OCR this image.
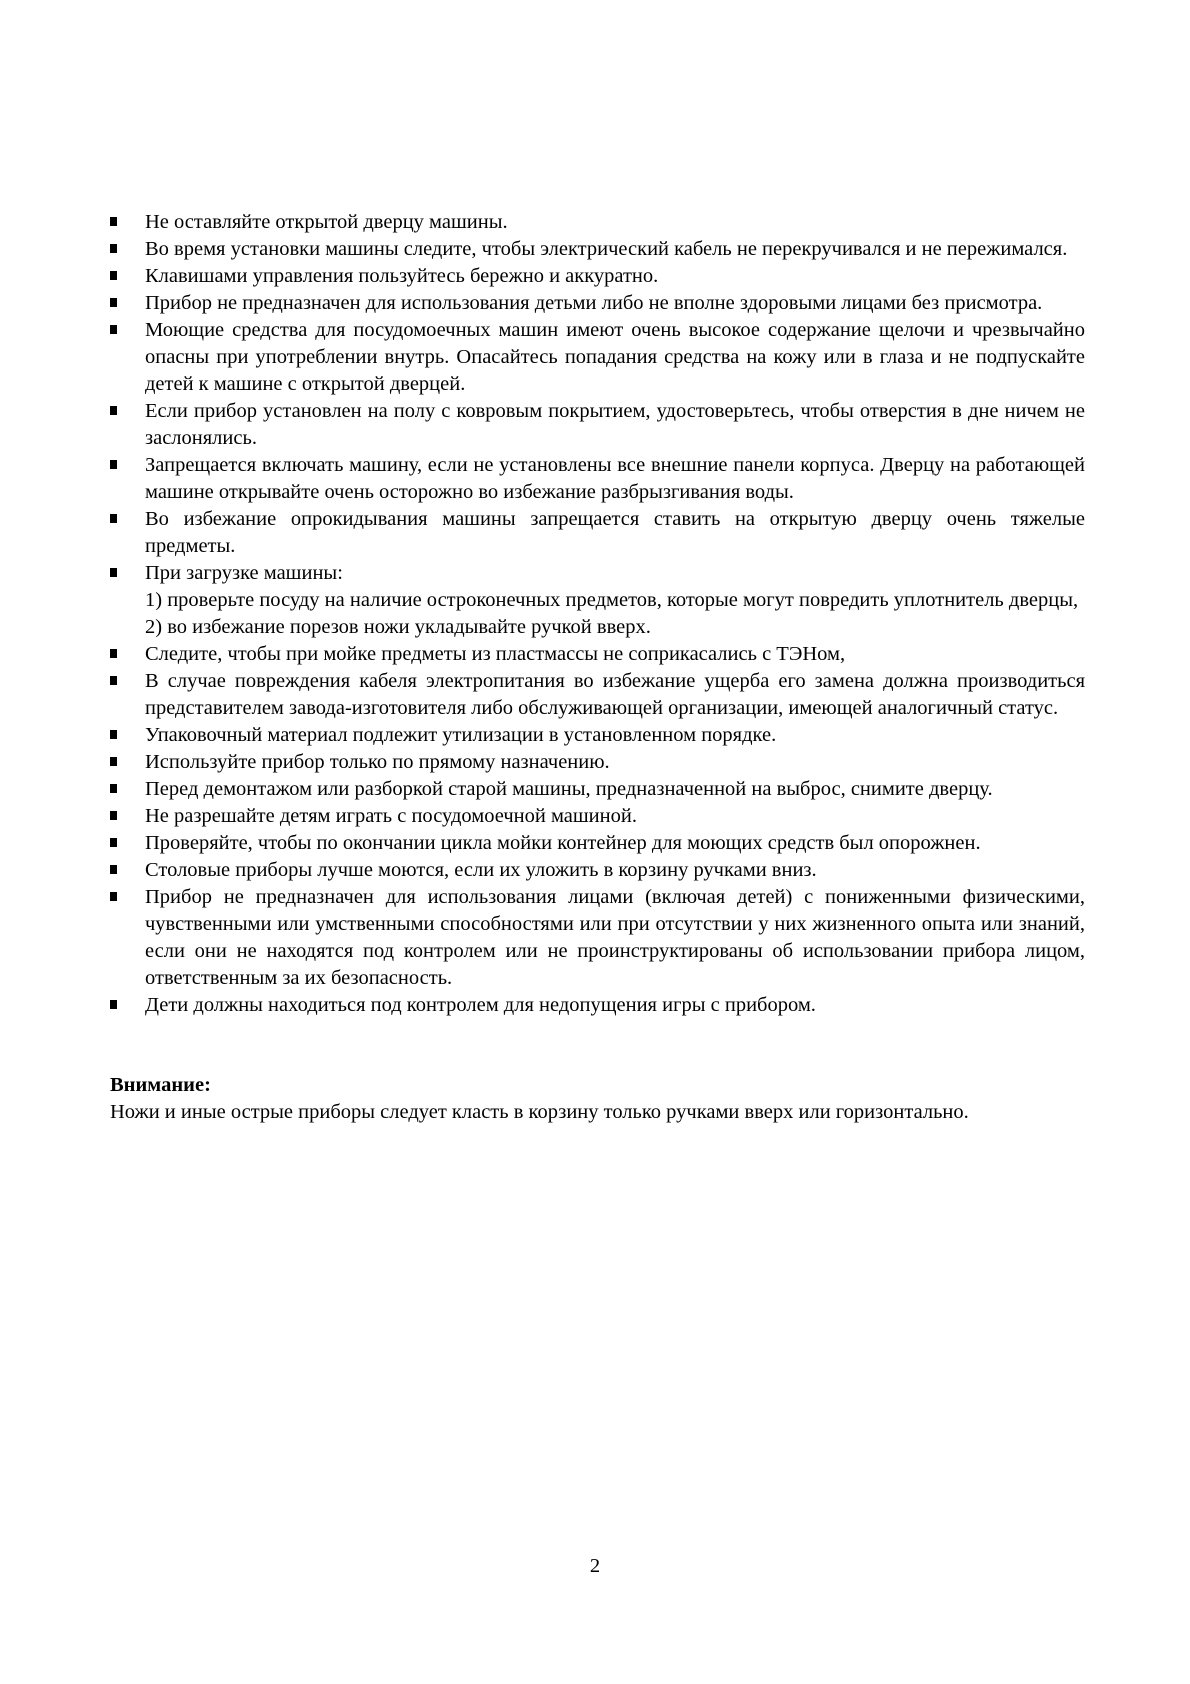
Не оставляйте открытой дверцу машины.
Во время установки машины следите, чтобы электрический кабель не перекручивался и не пережимался.
Клавишами управления пользуйтесь бережно и аккуратно.
Прибор не предназначен для использования детьми либо не вполне здоровыми лицами без присмотра.
Моющие средства для посудомоечных машин имеют очень высокое содержание щелочи и чрезвычайно опасны при употреблении внутрь. Опасайтесь попадания средства на кожу или в глаза и не подпускайте детей к машине с открытой дверцей.
Если прибор установлен на полу с ковровым покрытием, удостоверьтесь, чтобы отверстия в дне ничем не заслонялись.
Запрещается включать машину, если не установлены все внешние панели корпуса. Дверцу на работающей машине открывайте очень осторожно во избежание разбрызгивания воды.
Во избежание опрокидывания машины запрещается ставить на открытую дверцу очень тяжелые предметы.
При загрузке машины:
1) проверьте посуду на наличие остроконечных предметов, которые могут повредить уплотнитель дверцы,
2) во избежание порезов ножи укладывайте ручкой вверх.
Следите, чтобы при мойке предметы из пластмассы не соприкасались с ТЭНом,
В случае повреждения кабеля электропитания во избежание ущерба его замена должна производиться представителем завода-изготовителя либо обслуживающей организации, имеющей аналогичный статус.
Упаковочный материал подлежит утилизации в установленном порядке.
Используйте прибор только по прямому назначению.
Перед демонтажом или разборкой старой машины, предназначенной на выброс, снимите дверцу.
Не разрешайте детям играть с посудомоечной машиной.
Проверяйте, чтобы по окончании цикла мойки контейнер для моющих средств был опорожнен.
Столовые приборы лучше моются, если их уложить в корзину ручками вниз.
Прибор не предназначен для использования лицами (включая детей) с пониженными физическими, чувственными или умственными способностями или при отсутствии у них жизненного опыта или знаний, если они не находятся под контролем или не проинструктированы об использовании прибора лицом, ответственным за их безопасность.
Дети должны находиться под контролем для недопущения игры с прибором.
Внимание:
Ножи и иные острые приборы следует класть в корзину только ручками вверх или горизонтально.
2
